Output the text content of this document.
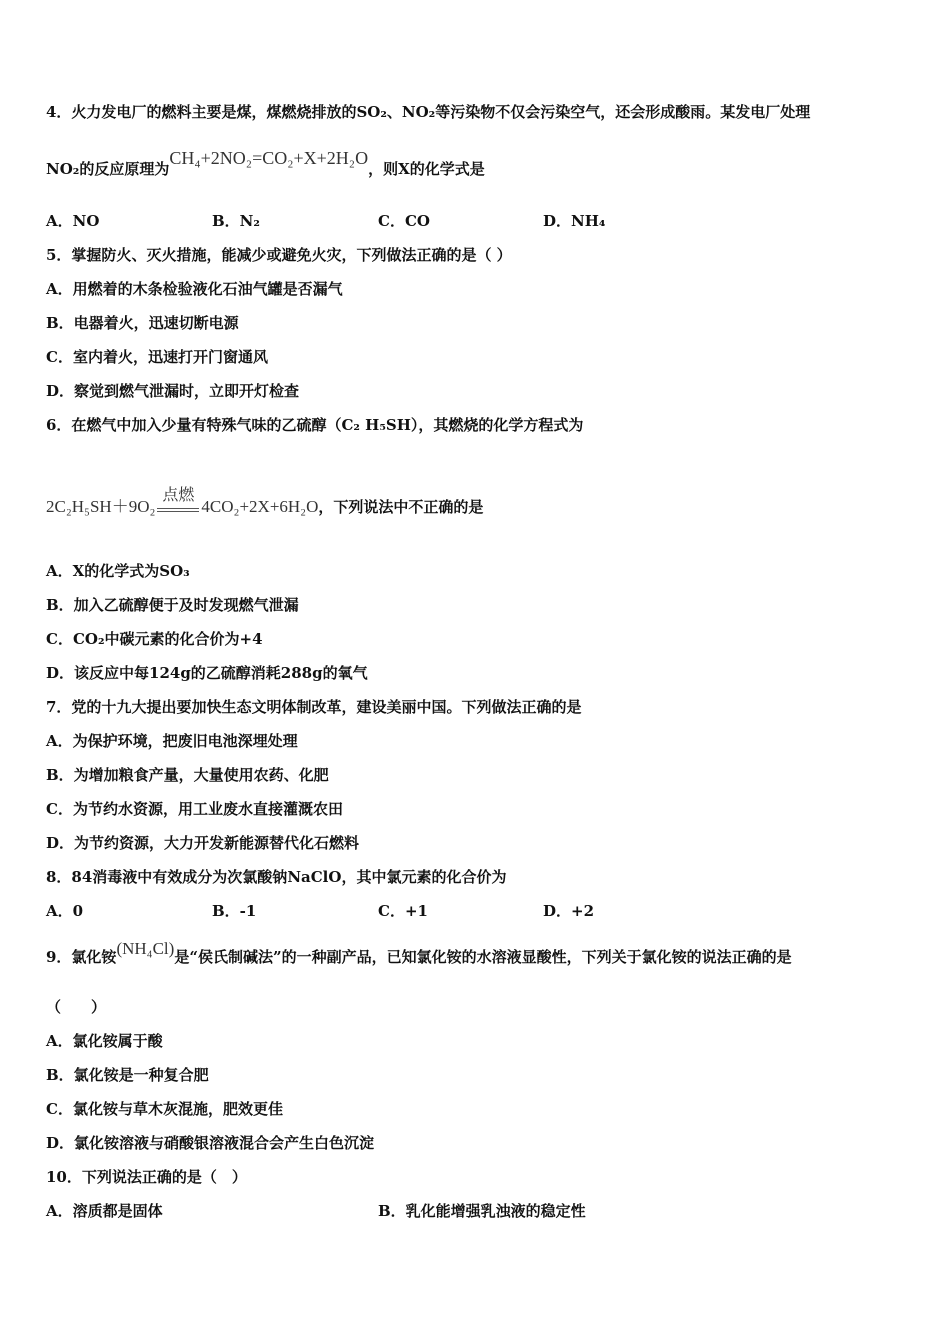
4．火力发电厂的燃料主要是煤，煤燃烧排放的SO₂、NO₂等污染物不仅会污染空气，还会形成酸雨。某发电厂处理
NO₂的反应原理为CH₄+2NO₂=CO₂+X+2H₂O，则X的化学式是
A．NO	B．N₂	C．CO	D．NH₄
5．掌握防火、灭火措施，能减少或避免火灾，下列做法正确的是（ ）
A．用燃着的木条检验液化石油气罐是否漏气
B．电器着火，迅速切断电源
C．室内着火，迅速打开门窗通风
D．察觉到燃气泄漏时，立即开灯检查
6．在燃气中加入少量有特殊气味的乙硫醇（C₂ H₅SH），其燃烧的化学方程式为
2C₂H₅SH＋9O₂
点燃
4CO₂+2X+6H₂O，下列说法中不正确的是
A．X的化学式为SO₃
B．加入乙硫醇便于及时发现燃气泄漏
C．CO₂中碳元素的化合价为+4
D．该反应中每124g的乙硫醇消耗288g的氧气
7．党的十九大提出要加快生态文明体制改革，建设美丽中国。下列做法正确的是
A．为保护环境，把废旧电池深埋处理
B．为增加粮食产量，大量使用农药、化肥
C．为节约水资源，用工业废水直接灌溉农田
D．为节约资源，大力开发新能源替代化石燃料
8．84消毒液中有效成分为次氯酸钠NaClO，其中氯元素的化合价为
A．0	B．-1	C．+1	D．+2
9．氯化铵(NH₄Cl)是“侯氏制碱法”的一种副产品，已知氯化铵的水溶液显酸性，下列关于氯化铵的说法正确的是
（　　）
A．氯化铵属于酸
B．氯化铵是一种复合肥
C．氯化铵与草木灰混施，肥效更佳
D．氯化铵溶液与硝酸银溶液混合会产生白色沉淀
10．下列说法正确的是（　）
A．溶质都是固体	B．乳化能增强乳浊液的稳定性
